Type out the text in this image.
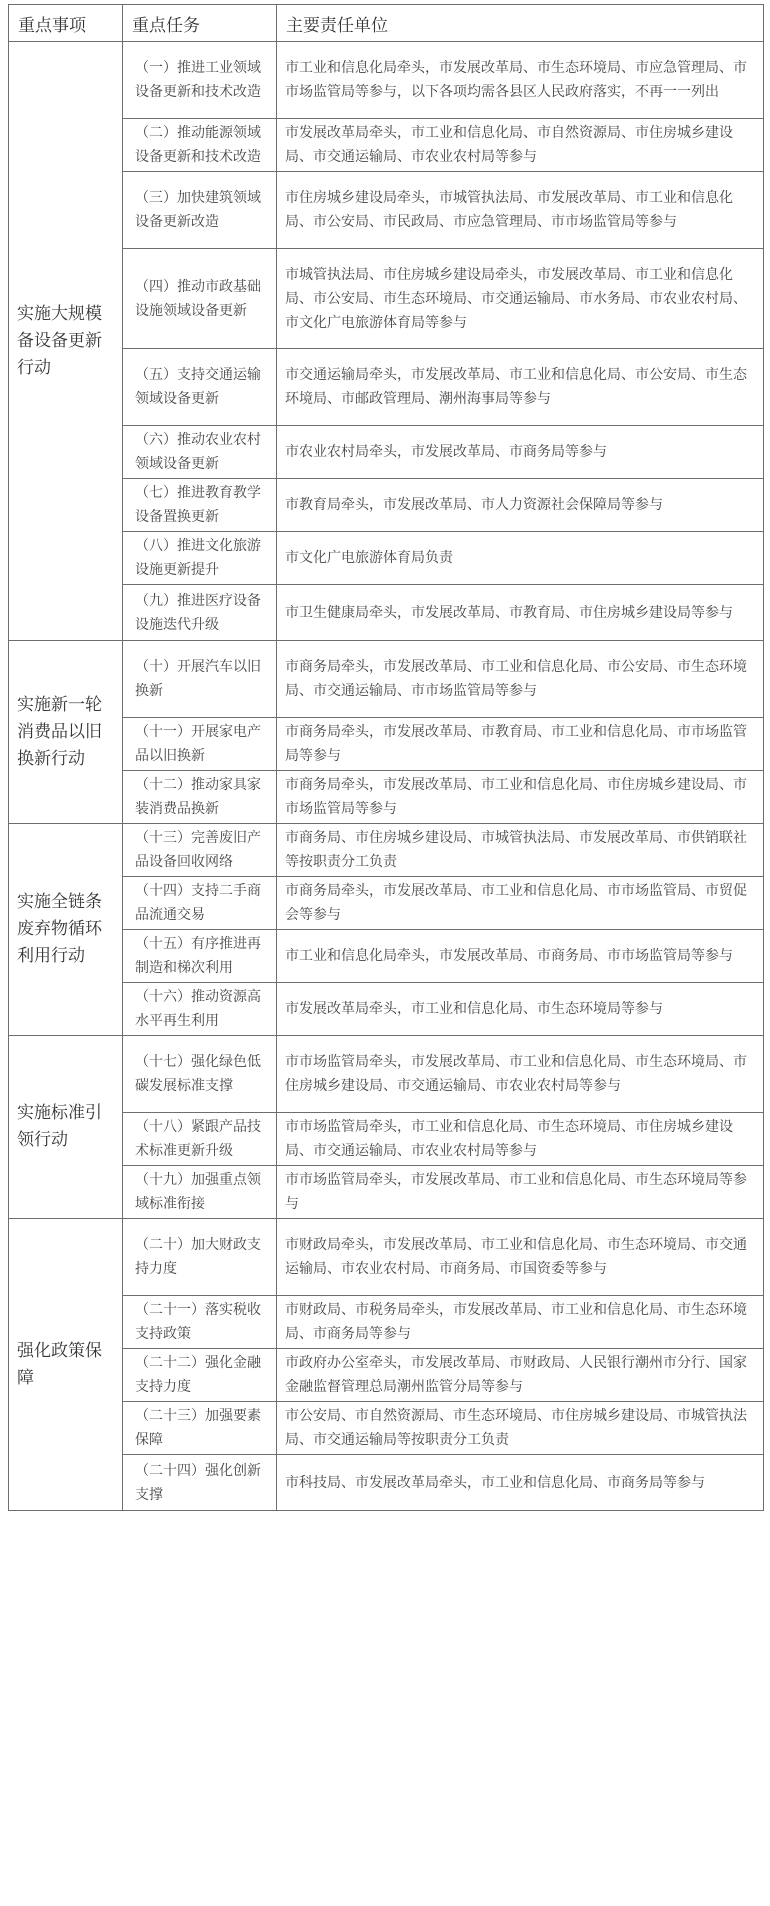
重点事项	重点任务	主要责任单位
实施大规模备设备更新行动	（一）推进工业领域设备更新和技术改造	市工业和信息化局牵头，市发展改革局、市生态环境局、市应急管理局、市市场监管局等参与，以下各项均需各县区人民政府落实，不再一一列出
	（二）推动能源领域设备更新和技术改造	市发展改革局牵头，市工业和信息化局、市自然资源局、市住房城乡建设局、市交通运输局、市农业农村局等参与
	（三）加快建筑领域设备更新改造	市住房城乡建设局牵头，市城管执法局、市发展改革局、市工业和信息化局、市公安局、市民政局、市应急管理局、市市场监管局等参与
	（四）推动市政基础设施领域设备更新	市城管执法局、市住房城乡建设局牵头，市发展改革局、市工业和信息化局、市公安局、市生态环境局、市交通运输局、市水务局、市农业农村局、市文化广电旅游体育局等参与
	（五）支持交通运输领域设备更新	市交通运输局牵头，市发展改革局、市工业和信息化局、市公安局、市生态环境局、市邮政管理局、潮州海事局等参与
	（六）推动农业农村领域设备更新	市农业农村局牵头，市发展改革局、市商务局等参与
	（七）推进教育教学设备置换更新	市教育局牵头，市发展改革局、市人力资源社会保障局等参与
	（八）推进文化旅游设施更新提升	市文化广电旅游体育局负责
	（九）推进医疗设备设施迭代升级	市卫生健康局牵头，市发展改革局、市教育局、市住房城乡建设局等参与
实施新一轮消费品以旧换新行动	（十）开展汽车以旧换新	市商务局牵头，市发展改革局、市工业和信息化局、市公安局、市生态环境局、市交通运输局、市市场监管局等参与
	（十一）开展家电产品以旧换新	市商务局牵头，市发展改革局、市教育局、市工业和信息化局、市市场监管局等参与
	（十二）推动家具家装消费品换新	市商务局牵头，市发展改革局、市工业和信息化局、市住房城乡建设局、市市场监管局等参与
实施全链条废弃物循环利用行动	（十三）完善废旧产品设备回收网络	市商务局、市住房城乡建设局、市城管执法局、市发展改革局、市供销联社等按职责分工负责
	（十四）支持二手商品流通交易	市商务局牵头，市发展改革局、市工业和信息化局、市市场监管局、市贸促会等参与
	（十五）有序推进再制造和梯次利用	市工业和信息化局牵头，市发展改革局、市商务局、市市场监管局等参与
	（十六）推动资源高水平再生利用	市发展改革局牵头，市工业和信息化局、市生态环境局等参与
实施标准引领行动	（十七）强化绿色低碳发展标准支撑	市市场监管局牵头，市发展改革局、市工业和信息化局、市生态环境局、市住房城乡建设局、市交通运输局、市农业农村局等参与
	（十八）紧跟产品技术标准更新升级	市市场监管局牵头，市工业和信息化局、市生态环境局、市住房城乡建设局、市交通运输局、市农业农村局等参与
	（十九）加强重点领域标准衔接	市市场监管局牵头，市发展改革局、市工业和信息化局、市生态环境局等参与
强化政策保障	（二十）加大财政支持力度	市财政局牵头，市发展改革局、市工业和信息化局、市生态环境局、市交通运输局、市农业农村局、市商务局、市国资委等参与
	（二十一）落实税收支持政策	市财政局、市税务局牵头，市发展改革局、市工业和信息化局、市生态环境局、市商务局等参与
	（二十二）强化金融支持力度	市政府办公室牵头，市发展改革局、市财政局、人民银行潮州市分行、国家金融监督管理总局潮州监管分局等参与
	（二十三）加强要素保障	市公安局、市自然资源局、市生态环境局、市住房城乡建设局、市城管执法局、市交通运输局等按职责分工负责
	（二十四）强化创新支撑	市科技局、市发展改革局牵头，市工业和信息化局、市商务局等参与
